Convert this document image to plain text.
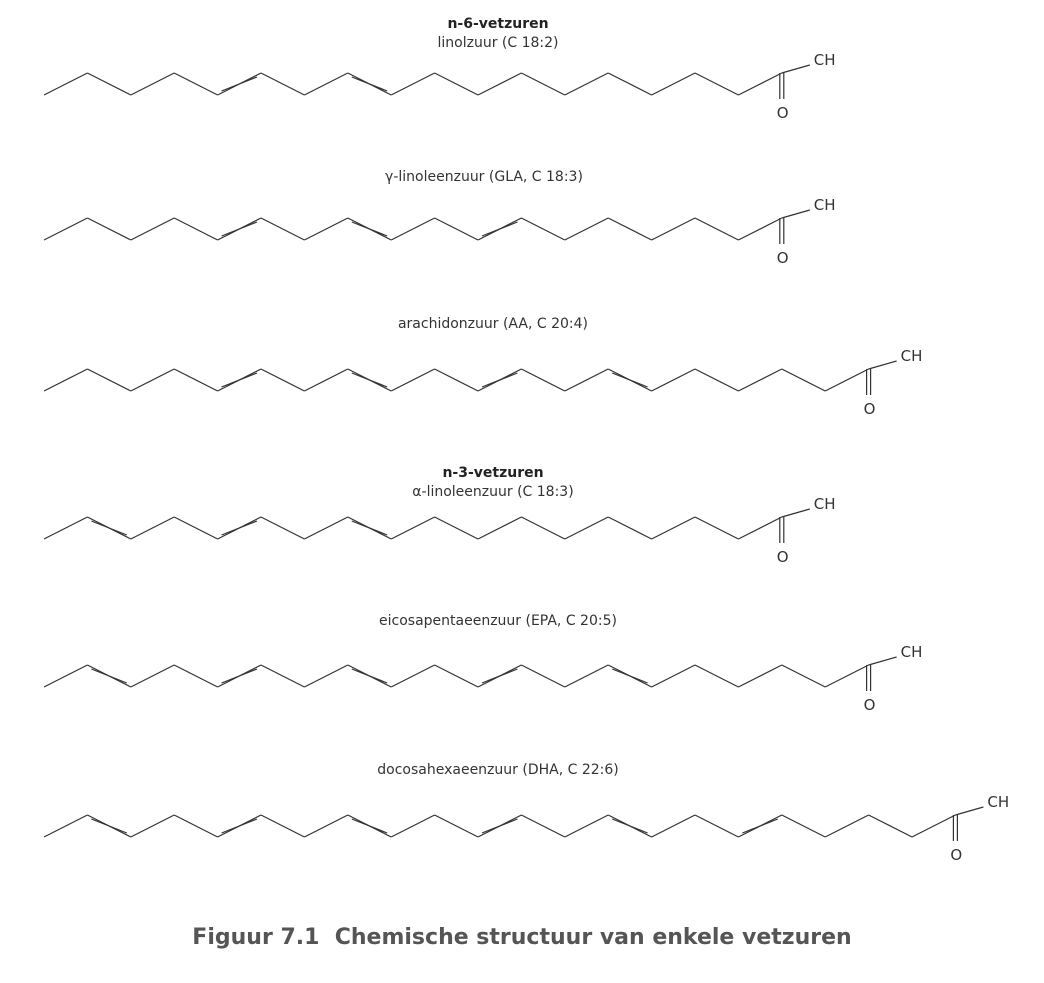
n-6-vetzuren
linolzuur (C 18:2)
CH
O
γ-linoleenzuur (GLA, C 18:3)
CH
O
arachidonzuur (AA, C 20:4)
CH
O
n-3-vetzuren
α-linoleenzuur (C 18:3)
CH
O
eicosapentaeenzuur (EPA, C 20:5)
CH
O
docosahexaeenzuur (DHA, C 22:6)
CH
O
Figuur 7.1  Chemische structuur van enkele vetzuren
